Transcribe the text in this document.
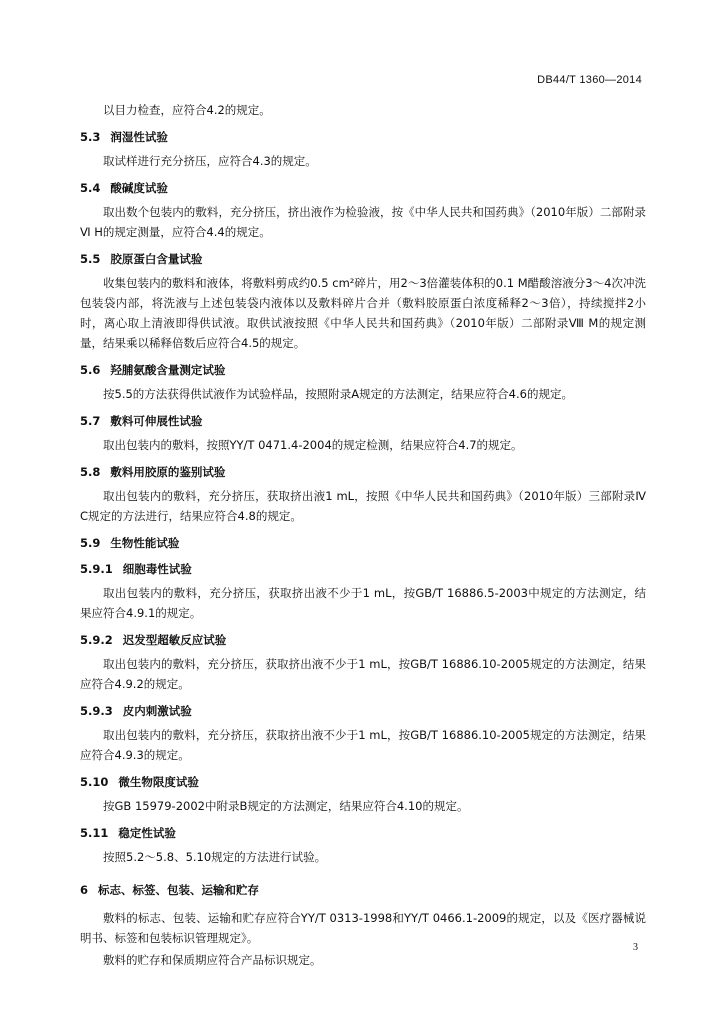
DB44/T 1360—2014
以目力检查，应符合4.2的规定。
5.3 润湿性试验
取试样进行充分挤压，应符合4.3的规定。
5.4 酸碱度试验
取出数个包装内的敷料，充分挤压，挤出液作为检验液，按《中华人民共和国药典》（2010年版）二部附录Ⅵ H的规定测量，应符合4.4的规定。
5.5 胶原蛋白含量试验
收集包装内的敷料和液体，将敷料剪成约0.5 cm²碎片，用2～3倍灌装体积的0.1 M醋酸溶液分3～4次冲洗包装袋内部，将洗液与上述包装袋内液体以及敷料碎片合并（敷料胶原蛋白浓度稀释2～3倍），持续搅拌2小时，离心取上清液即得供试液。取供试液按照《中华人民共和国药典》（2010年版）二部附录Ⅷ M的规定测量，结果乘以稀释倍数后应符合4.5的规定。
5.6 羟脯氨酸含量测定试验
按5.5的方法获得供试液作为试验样品，按照附录A规定的方法测定，结果应符合4.6的规定。
5.7 敷料可伸展性试验
取出包装内的敷料，按照YY/T 0471.4-2004的规定检测，结果应符合4.7的规定。
5.8 敷料用胶原的鉴别试验
取出包装内的敷料，充分挤压，获取挤出液1 mL，按照《中华人民共和国药典》（2010年版）三部附录Ⅳ C规定的方法进行，结果应符合4.8的规定。
5.9 生物性能试验
5.9.1 细胞毒性试验
取出包装内的敷料，充分挤压，获取挤出液不少于1 mL，按GB/T 16886.5-2003中规定的方法测定，结果应符合4.9.1的规定。
5.9.2 迟发型超敏反应试验
取出包装内的敷料，充分挤压，获取挤出液不少于1 mL，按GB/T 16886.10-2005规定的方法测定，结果应符合4.9.2的规定。
5.9.3 皮内刺激试验
取出包装内的敷料，充分挤压，获取挤出液不少于1 mL，按GB/T 16886.10-2005规定的方法测定，结果应符合4.9.3的规定。
5.10 微生物限度试验
按GB 15979-2002中附录B规定的方法测定，结果应符合4.10的规定。
5.11 稳定性试验
按照5.2～5.8、5.10规定的方法进行试验。
6 标志、标签、包装、运输和贮存
敷料的标志、包装、运输和贮存应符合YY/T 0313-1998和YY/T 0466.1-2009的规定，以及《医疗器械说明书、标签和包装标识管理规定》。
敷料的贮存和保质期应符合产品标识规定。
3
